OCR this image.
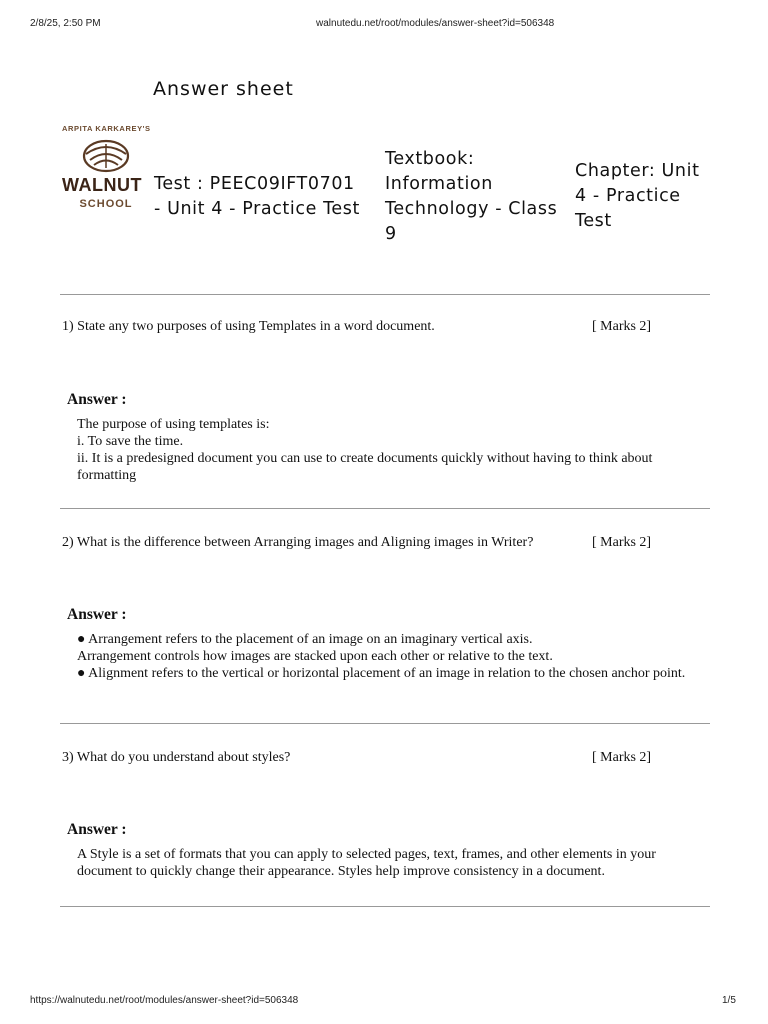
2/8/25, 2:50 PM	walnutedu.net/root/modules/answer-sheet?id=506348
Answer sheet
ARPITA KARKAREY'S
WALNUT
SCHOOL
Test : PEEC09IFT0701
- Unit 4 - Practice Test
Textbook:
Information
Technology - Class
9
Chapter: Unit
4 - Practice
Test
1) State any two purposes of using Templates in a word document.	[ Marks 2]
Answer :
The purpose of using templates is:
i. To save the time.
ii. It is a predesigned document you can use to create documents quickly without having to think about formatting
2) What is the difference between Arranging images and Aligning images in Writer?	[ Marks 2]
Answer :
● Arrangement refers to the placement of an image on an imaginary vertical axis.
Arrangement controls how images are stacked upon each other or relative to the text.
● Alignment refers to the vertical or horizontal placement of an image in relation to the chosen anchor point.
3) What do you understand about styles?	[ Marks 2]
Answer :
A Style is a set of formats that you can apply to selected pages, text, frames, and other elements in your document to quickly change their appearance. Styles help improve consistency in a document.
https://walnutedu.net/root/modules/answer-sheet?id=506348	1/5
